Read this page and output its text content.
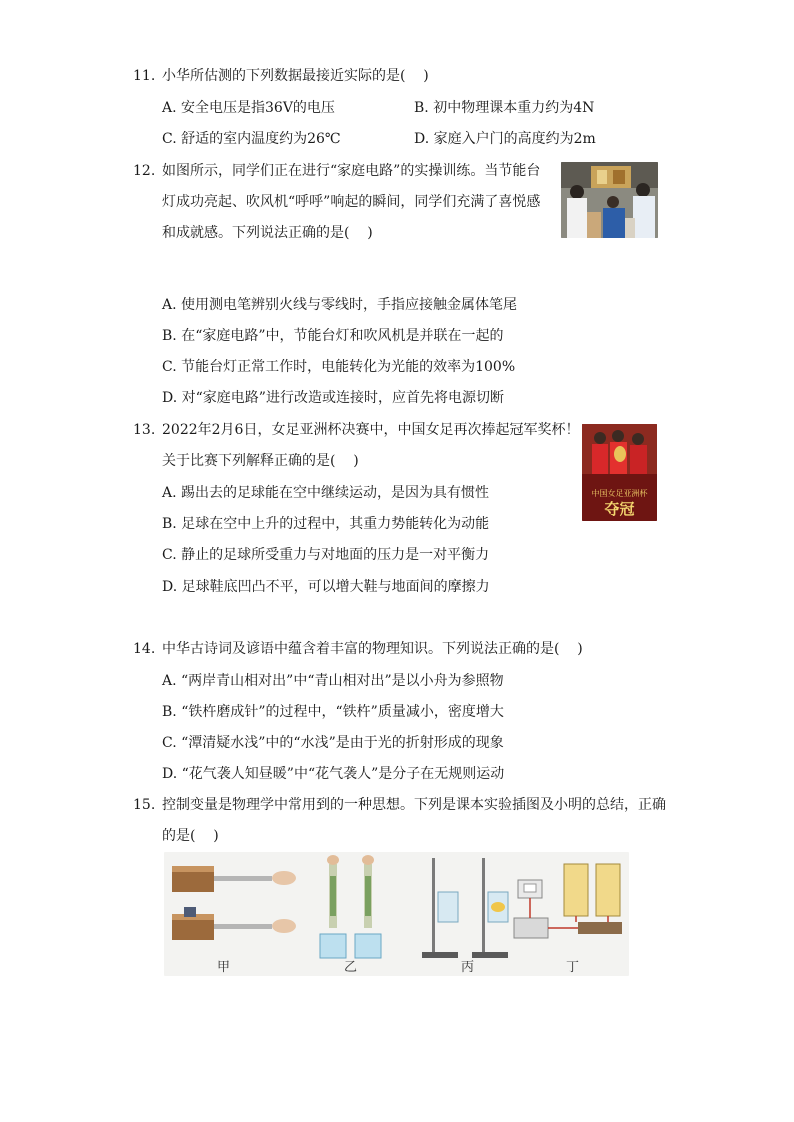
11. 小华所估测的下列数据最接近实际的是(    )
A. 安全电压是指36V的电压	B. 初中物理课本重力约为4N
C. 舒适的室内温度约为26℃	D. 家庭入户门的高度约为2m
12. 如图所示，同学们正在进行“家庭电路”的实操训练。当节能台
灯成功亮起、吹风机“呼呼”响起的瞬间，同学们充满了喜悦感
和成就感。下列说法正确的是(    )
A. 使用测电笔辨别火线与零线时，手指应接触金属体笔尾
B. 在“家庭电路”中，节能台灯和吹风机是并联在一起的
C. 节能台灯正常工作时，电能转化为光能的效率为100%
D. 对“家庭电路”进行改造或连接时，应首先将电源切断
13. 2022年2月6日，女足亚洲杯决赛中，中国女足再次捧起冠军奖杯！
关于比赛下列解释正确的是(    )
中国女足亚洲杯
夺冠
A. 踢出去的足球能在空中继续运动，是因为具有惯性
B. 足球在空中上升的过程中，其重力势能转化为动能
C. 静止的足球所受重力与对地面的压力是一对平衡力
D. 足球鞋底凹凸不平，可以增大鞋与地面间的摩擦力
14. 中华古诗词及谚语中蕴含着丰富的物理知识。下列说法正确的是(    )
A. “两岸青山相对出”中“青山相对出”是以小舟为参照物
B. “铁杵磨成针”的过程中，“铁杵”质量减小，密度增大
C. “潭清疑水浅”中的“水浅”是由于光的折射形成的现象
D. “花气袭人知昼暖”中“花气袭人”是分子在无规则运动
15. 控制变量是物理学中常用到的一种思想。下列是课本实验插图及小明的总结，正确
的是(    )
甲	乙	丙	丁
